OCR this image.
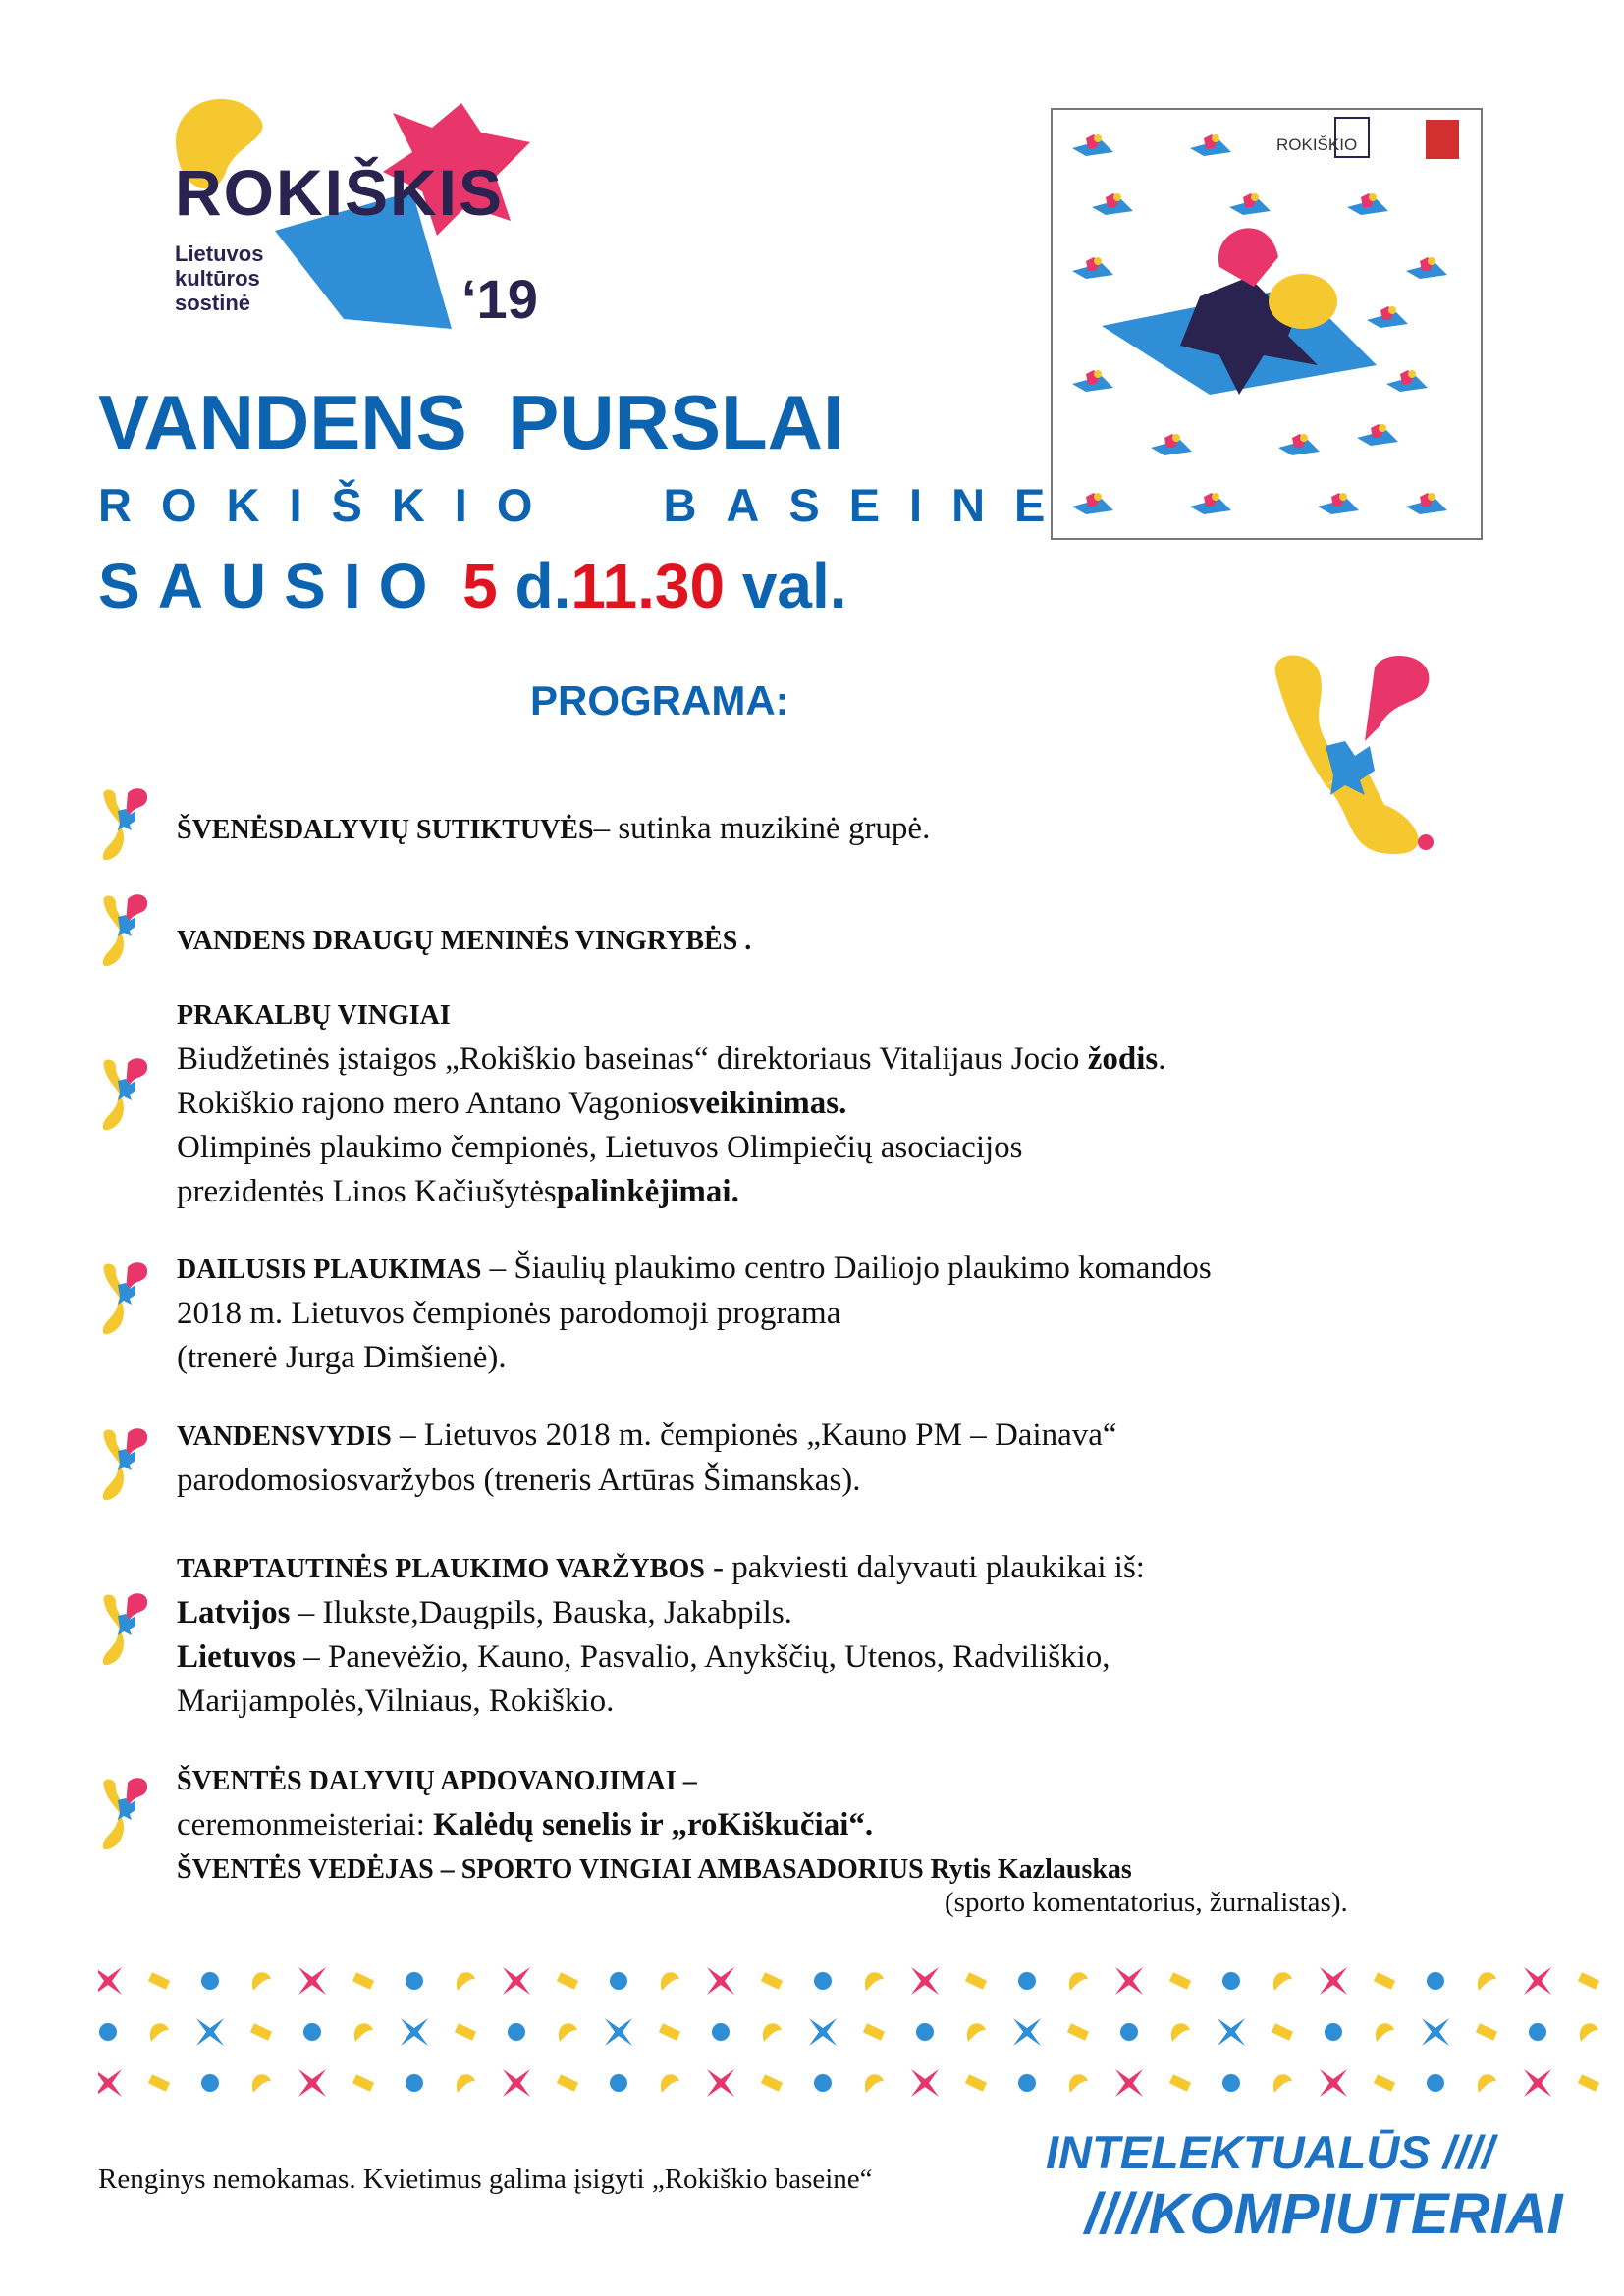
ROKIŠKIS
Lietuvos
kultūros
sostinė	‘19
ROKIŠKIO
VANDENS PURSLAI
ROKIŠKIO BASEINE
SAUSIO 5 d.11.30 val.
PROGRAMA:
ŠVENĖSDALYVIŲ SUTIKTUVĖS– sutinka muzikinė grupė.
VANDENS DRAUGŲ MENINĖS VINGRYBĖS .
PRAKALBŲ VINGIAI
Biudžetinės įstaigos „Rokiškio baseinas“ direktoriaus Vitalijaus Jocio žodis.
Rokiškio rajono mero Antano Vagoniosveikinimas.
Olimpinės plaukimo čempionės, Lietuvos Olimpiečių asociacijos
prezidentės Linos Kačiušytėspalinkėjimai.
DAILUSIS PLAUKIMAS – Šiaulių plaukimo centro Dailiojo plaukimo komandos
2018 m. Lietuvos čempionės parodomoji programa
(trenerė Jurga Dimšienė).
VANDENSVYDIS – Lietuvos 2018 m. čempionės „Kauno PM – Dainava“
parodomosiosvaržybos (treneris Artūras Šimanskas).
TARPTAUTINĖS PLAUKIMO VARŽYBOS - pakviesti dalyvauti plaukikai iš:
Latvijos – Ilukste,Daugpils, Bauska, Jakabpils.
Lietuvos – Panevėžio, Kauno, Pasvalio, Anykščių, Utenos, Radviliškio,
Marijampolės,Vilniaus, Rokiškio.
ŠVENTĖS DALYVIŲ APDOVANOJIMAI –
ceremonmeisteriai: Kalėdų senelis ir „roKiškučiai“.
ŠVENTĖS VEDĖJAS – SPORTO VINGIAI AMBASADORIUS Rytis Kazlauskas
(sporto komentatorius, žurnalistas).
Renginys nemokamas. Kvietimus galima įsigyti „Rokiškio baseine“
INTELEKTUALŪS ////
////KOMPIUTERIAI
